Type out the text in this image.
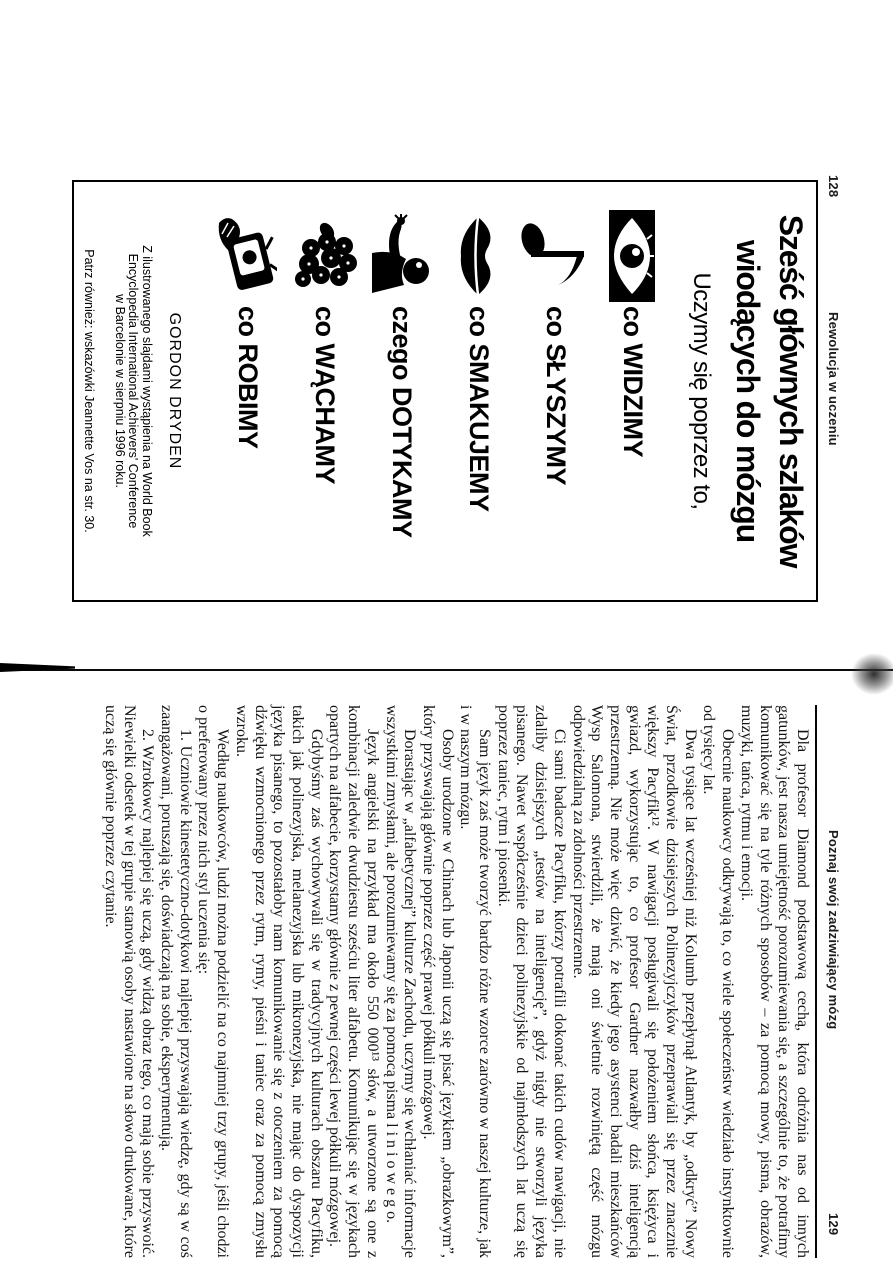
128
Rewolucja w uczeniu
Sześć głównych szlaków
wiodących do mózgu
Uczymy się poprzez to,
co WIDZIMY
co SŁYSZYMY
co SMAKUJEMY
czego DOTYKAMY
co WĄCHAMY
co ROBIMY
GORDON DRYDEN
Z ilustrowanego slajdami wystąpienia na World Book
Encyclopedia International Achievers' Conference
w Barcelonie w sierpniu 1996 roku.
Patrz również: wskazówki Jeannette Vos na str. 30.
Poznaj swój zadziwiający mózg
129

Dla profesor Diamond podstawową cechą, która odróżnia nas od innych gatunków, jest nasza umiejętność porozumiewania się, a szczególnie to, że potrafimy komunikować się na tyle różnych sposobów – za pomocą mowy, pisma, obrazów, muzyki, tańca, rytmu i emocji.

Obecnie naukowcy odkrywają to, co wiele społeczeństw wiedziało instynktownie od tysięcy lat.

Dwa tysiące lat wcześniej niż Kolumb przepłynął Atlantyk, by „odkryć” Nowy Świat, przodkowie dzisiejszych Polinezyjczyków przeprawiali się przez znacznie większy Pacyfik¹². W nawigacji posługiwali się położeniem słońca, księżyca i gwiazd, wykorzystując to, co profesor Gardner nazwałby dziś inteligencją przestrzenną. Nie może więc dziwić, że kiedy jego asystenci badali mieszkańców Wysp Salomona, stwierdzili, że mają oni świetnie rozwiniętą część mózgu odpowiedzialną za zdolności przestrzenne.

Ci sami badacze Pacyfiku, którzy potrafili dokonać takich cudów nawigacji, nie zdaliby dzisiejszych „testów na inteligencję”, gdyż nigdy nie stworzyli języka pisanego. Nawet współcześnie dzieci polinezyjskie od najmłodszych lat uczą się poprzez taniec, rytm i piosenki.

Sam język zaś może tworzyć bardzo różne wzorce zarówno w naszej kulturze, jak i w naszym mózgu.

Osoby urodzone w Chinach lub Japonii uczą się pisać językiem „obrazkowym”, który przyswajają głównie poprzez część prawej półkuli mózgowej.

Dorastając w „alfabetycznej” kulturze Zachodu, uczymy się wchłaniać informacje wszystkimi zmysłami, ale porozumiewamy się za pomocą pisma l i n i o w e g o.

Język angielski na przykład ma około 550 000¹³ słów, a utworzone są one z kombinacji zaledwie dwudziestu sześciu liter alfabetu. Komunikując się w językach opartych na alfabecie, korzystamy głównie z pewnej części lewej półkuli mózgowej.

Gdybyśmy zaś wychowywali się w tradycyjnych kulturach obszaru Pacyfiku, takich jak polinezyjska, melanezyjska lub mikronezyjska, nie mając do dyspozycji języka pisanego, to pozostałoby nam komunikowanie się z otoczeniem za pomocą dźwięku wzmocnionego przez rytm, rymy, pieśni i taniec oraz za pomocą zmysłu wzroku.

Według naukowców, ludzi można podzielić na co najmniej trzy grupy, jeśli chodzi o preferowany przez nich styl uczenia się:

1. Uczniowie kinestetyczno-dotykowi najlepiej przyswajają wiedzę, gdy są w coś zaangażowani, poruszają się, doświadczają na sobie, eksperymentują.

2. Wzrokowcy najlepiej się uczą, gdy widzą obraz tego, co mają sobie przyswoić. Niewielki odsetek w tej grupie stanowią osoby nastawione na słowo drukowane, które uczą się głównie poprzez czytanie.
